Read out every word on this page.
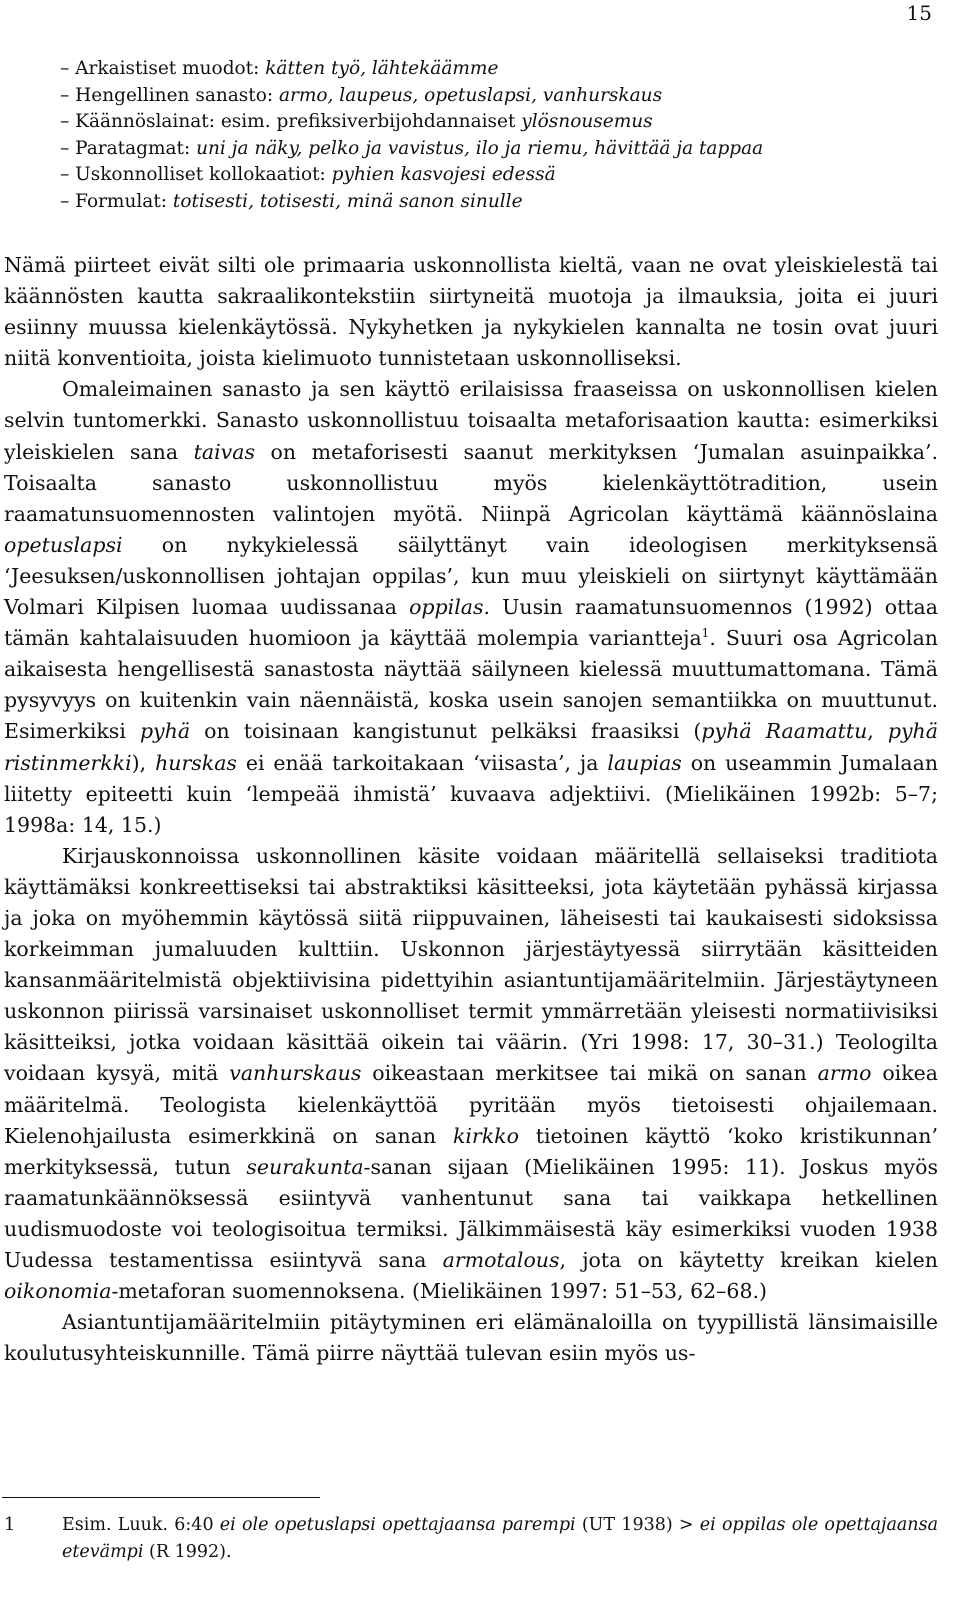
15
– Arkaistiset muodot: kätten työ, lähtekäämme
– Hengellinen sanasto: armo, laupeus, opetuslapsi, vanhurskaus
– Käännöslainat: esim. prefiksiverbijohdannaiset ylösnousemus
– Paratagmat: uni ja näky, pelko ja vavistus, ilo ja riemu, hävittää ja tappaa
– Uskonnolliset kollokaatiot: pyhien kasvojesi edessä
– Formulat: totisesti, totisesti, minä sanon sinulle

Nämä piirteet eivät silti ole primaaria uskonnollista kieltä, vaan ne ovat yleiskielestä tai käännösten kautta sakraalikontekstiin siirtyneitä muotoja ja ilmauksia, joita ei juuri esiinny muussa kielenkäytössä. Nykyhetken ja nykykielen kannalta ne tosin ovat juuri niitä konventioita, joista kielimuoto tunnistetaan uskonnolliseksi.

Omaleimainen sanasto ja sen käyttö erilaisissa fraaseissa on uskonnollisen kielen selvin tuntomerkki. Sanasto uskonnollistuu toisaalta metaforisaation kautta: esimerkiksi yleiskielen sana taivas on metaforisesti saanut merkityksen ‘Jumalan asuinpaikka’. Toisaalta sanasto uskonnollistuu myös kielenkäyttötradition, usein raamatunsuomennosten valintojen myötä. Niinpä Agricolan käyttämä käännöslaina opetuslapsi on nykykielessä säilyttänyt vain ideologisen merkityksensä ‘Jeesuksen/uskonnollisen johtajan oppilas’, kun muu yleiskieli on siirtynyt käyttämään Volmari Kilpisen luomaa uudissanaa oppilas. Uusin raamatunsuomennos (1992) ottaa tämän kahtalaisuuden huomioon ja käyttää molempia variantteja$^1$. Suuri osa Agricolan aikaisesta hengellisestä sanastosta näyttää säilyneen kielessä muuttumattomana. Tämä pysyvyys on kuitenkin vain näennäistä, koska usein sanojen semantiikka on muuttunut. Esimerkiksi pyhä on toisinaan kangistunut pelkäksi fraasiksi (pyhä Raamattu, pyhä ristinmerkki), hurskas ei enää tarkoitakaan ‘viisasta’, ja laupias on useammin Jumalaan liitetty epiteetti kuin ‘lempeää ihmistä’ kuvaava adjektiivi. (Mielikäinen 1992b: 5–7; 1998a: 14, 15.)

Kirjauskonnoissa uskonnollinen käsite voidaan määritellä sellaiseksi traditiota käyttämäksi konkreettiseksi tai abstraktiksi käsitteeksi, jota käytetään pyhässä kirjassa ja joka on myöhemmin käytössä siitä riippuvainen, läheisesti tai kaukaisesti sidoksissa korkeimman jumaluuden kulttiin. Uskonnon järjestäytyessä siirrytään käsitteiden kansanmääritelmistä objektiivisina pidettyihin asiantuntijamääritelmiin. Järjestäytyneen uskonnon piirissä varsinaiset uskonnolliset termit ymmärretään yleisesti normatiivisiksi käsitteiksi, jotka voidaan käsittää oikein tai väärin. (Yri 1998: 17, 30–31.) Teologilta voidaan kysyä, mitä vanhurskaus oikeastaan merkitsee tai mikä on sanan armo oikea määritelmä. Teologista kielenkäyttöä pyritään myös tietoisesti ohjailemaan. Kielenohjailusta esimerkkinä on sanan kirkko tietoinen käyttö ‘koko kristikunnan’ merkityksessä, tutun seurakunta-sanan sijaan (Mielikäinen 1995: 11). Joskus myös raamatunkäännöksessä esiintyvä vanhentunut sana tai vaikkapa hetkellinen uudismuodoste voi teologisoitua termiksi. Jälkimmäisestä käy esimerkiksi vuoden 1938 Uudessa testamentissa esiintyvä sana armotalous, jota on käytetty kreikan kielen oikonomia-metaforan suomennoksena. (Mielikäinen 1997: 51–53, 62–68.)

Asiantuntijamääritelmiin pitäytyminen eri elämänaloilla on tyypillistä länsimaisille koulutusyhteiskunnille. Tämä piirre näyttää tulevan esiin myös us-

1	Esim. Luuk. 6:40 ei ole opetuslapsi opettajaansa parempi (UT 1938) > ei oppilas ole opettajaansa etevämpi (R 1992).
